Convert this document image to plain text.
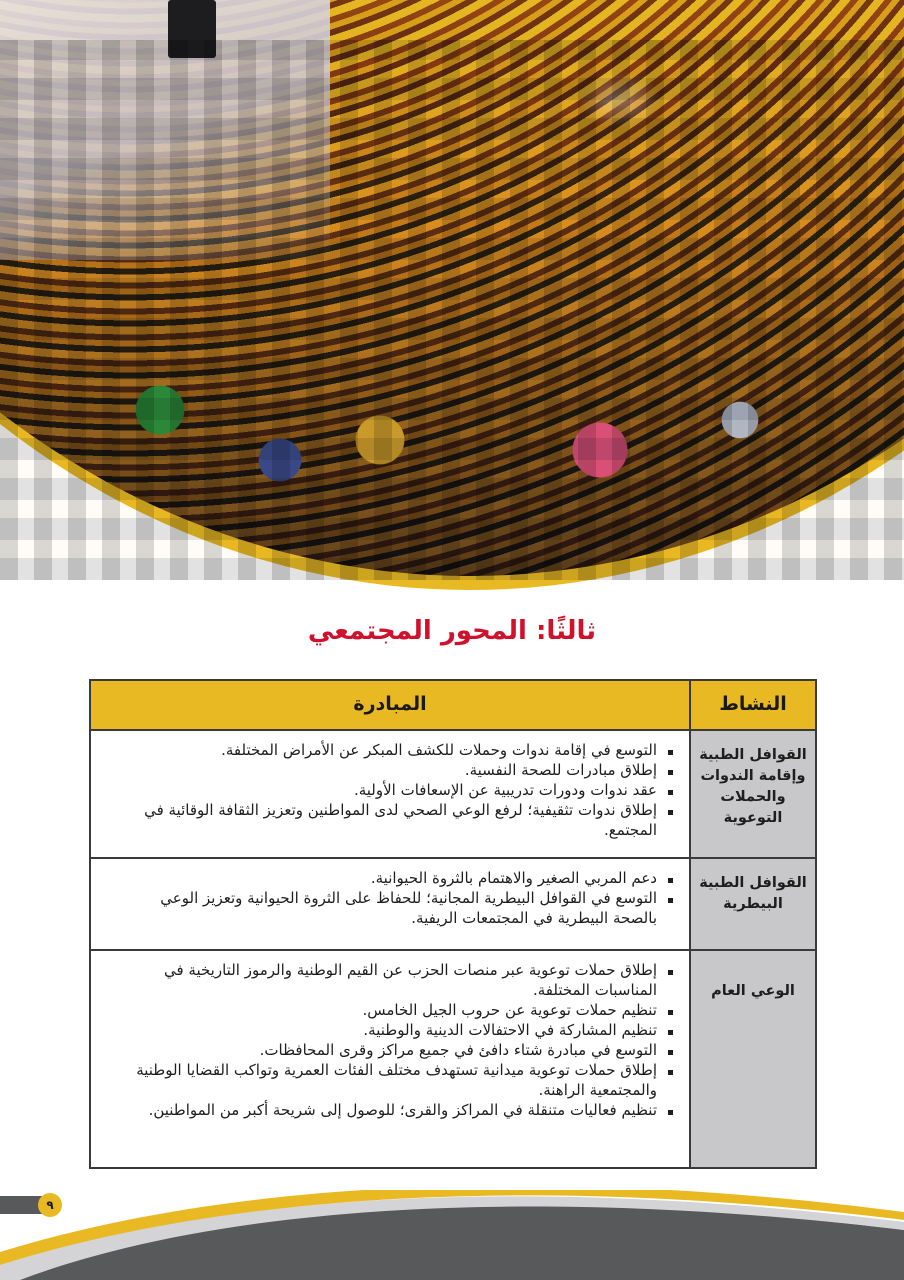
ثالثًا: المحور المجتمعي
النشاط
المبادرة
القوافل الطبية وإقامة الندوات والحملات التوعوية
التوسع في إقامة ندوات وحملات للكشف المبكر عن الأمراض المختلفة.
إطلاق مبادرات للصحة النفسية.
عقد ندوات ودورات تدريبية عن الإسعافات الأولية.
إطلاق ندوات تثقيفية؛ لرفع الوعي الصحي لدى المواطنين وتعزيز الثقافة الوقائية في المجتمع.
القوافل الطبية البيطرية
دعم المربي الصغير والاهتمام بالثروة الحيوانية.
التوسع في القوافل البيطرية المجانية؛ للحفاظ على الثروة الحيوانية وتعزيز الوعي بالصحة البيطرية في المجتمعات الريفية.
الوعي العام
إطلاق حملات توعوية عبر منصات الحزب عن القيم الوطنية والرموز التاريخية في المناسبات المختلفة.
تنظيم حملات توعوية عن حروب الجيل الخامس.
تنظيم المشاركة في الاحتفالات الدينية والوطنية.
التوسع في مبادرة شتاء دافئ في جميع مراكز وقرى المحافظات.
إطلاق حملات توعوية ميدانية تستهدف مختلف الفئات العمرية وتواكب القضايا الوطنية والمجتمعية الراهنة.
تنظيم فعاليات متنقلة في المراكز والقرى؛ للوصول إلى شريحة أكبر من المواطنين.
٩
